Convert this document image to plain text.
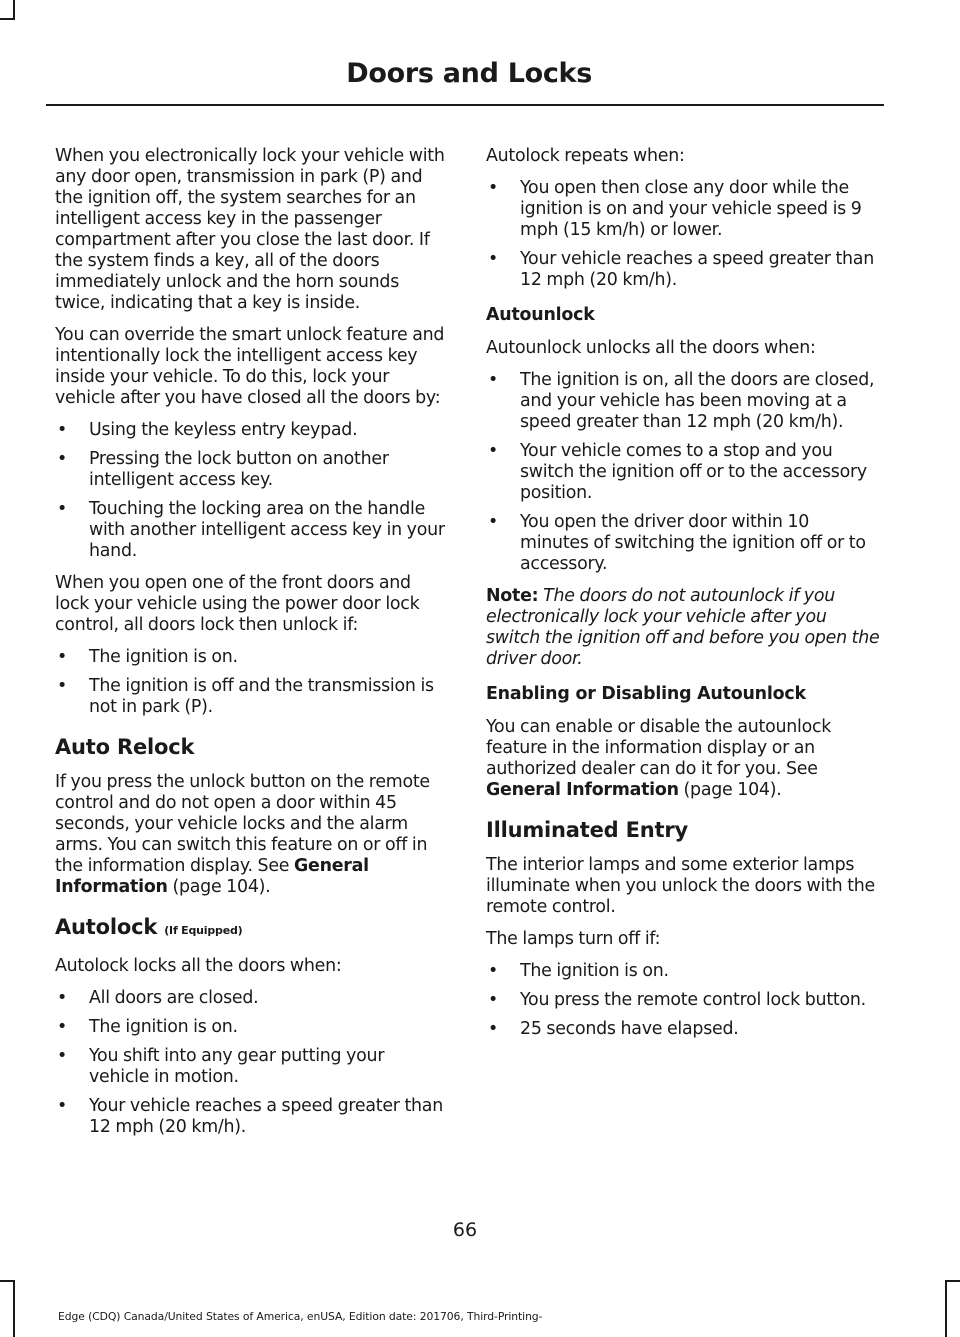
Doors and Locks

When you electronically lock your vehicle with any door open, transmission in park (P) and the ignition off, the system searches for an intelligent access key in the passenger compartment after you close the last door. If the system finds a key, all of the doors immediately unlock and the horn sounds twice, indicating that a key is inside.

You can override the smart unlock feature and intentionally lock the intelligent access key inside your vehicle. To do this, lock your vehicle after you have closed all the doors by:

• Using the keyless entry keypad.
• Pressing the lock button on another intelligent access key.
• Touching the locking area on the handle with another intelligent access key in your hand.

When you open one of the front doors and lock your vehicle using the power door lock control, all doors lock then unlock if:

• The ignition is on.
• The ignition is off and the transmission is not in park (P).
Auto Relock

If you press the unlock button on the remote control and do not open a door within 45 seconds, your vehicle locks and the alarm arms. You can switch this feature on or off in the information display. See General Information (page 104).

Autolock (If Equipped)

Autolock locks all the doors when:

• All doors are closed.
• The ignition is on.
• You shift into any gear putting your vehicle in motion.
• Your vehicle reaches a speed greater than 12 mph (20 km/h).

Autolock repeats when:

• You open then close any door while the ignition is on and your vehicle speed is 9 mph (15 km/h) or lower.
• Your vehicle reaches a speed greater than 12 mph (20 km/h).
Autounlock

Autounlock unlocks all the doors when:

• The ignition is on, all the doors are closed, and your vehicle has been moving at a speed greater than 12 mph (20 km/h).
• Your vehicle comes to a stop and you switch the ignition off or to the accessory position.
• You open the driver door within 10 minutes of switching the ignition off or to accessory.

Note: The doors do not autounlock if you electronically lock your vehicle after you switch the ignition off and before you open the driver door.

Enabling or Disabling Autounlock

You can enable or disable the autounlock feature in the information display or an authorized dealer can do it for you. See General Information (page 104).

Illuminated Entry

The interior lamps and some exterior lamps illuminate when you unlock the doors with the remote control.

The lamps turn off if:

• The ignition is on.
• You press the remote control lock button.
• 25 seconds have elapsed.
66
Edge (CDQ) Canada/United States of America, enUSA, Edition date: 201706, Third-Printing-
